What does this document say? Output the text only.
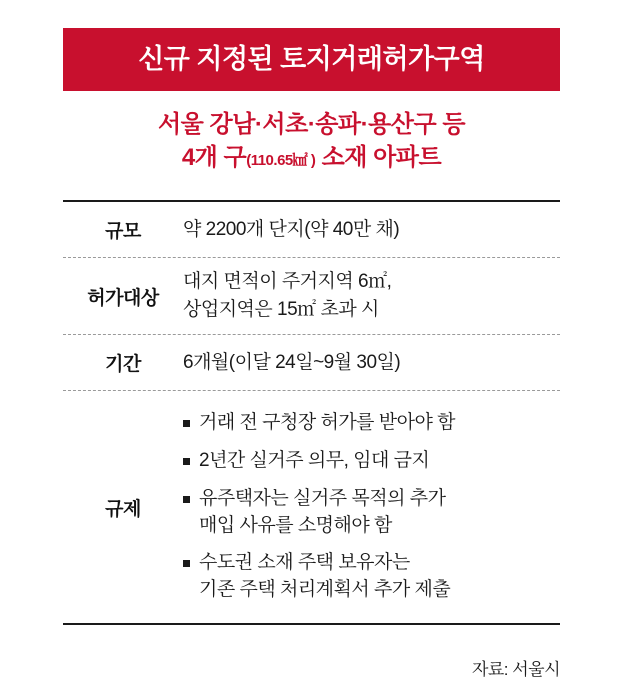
신규 지정된 토지거래허가구역
서울 강남·서초·송파·용산구 등
4개 구(110.65㎢ ) 소재 아파트
규모	약 2200개 단지(약 40만 채)
허가대상
대지 면적이 주거지역 6㎡,
상업지역은 15㎡ 초과 시
기간	6개월(이달 24일~9월 30일)
규제
거래 전 구청장 허가를 받아야 함
2년간 실거주 의무, 임대 금지
유주택자는 실거주 목적의 추가
매입 사유를 소명해야 함
수도권 소재 주택 보유자는
기존 주택 처리계획서 추가 제출
자료: 서울시
